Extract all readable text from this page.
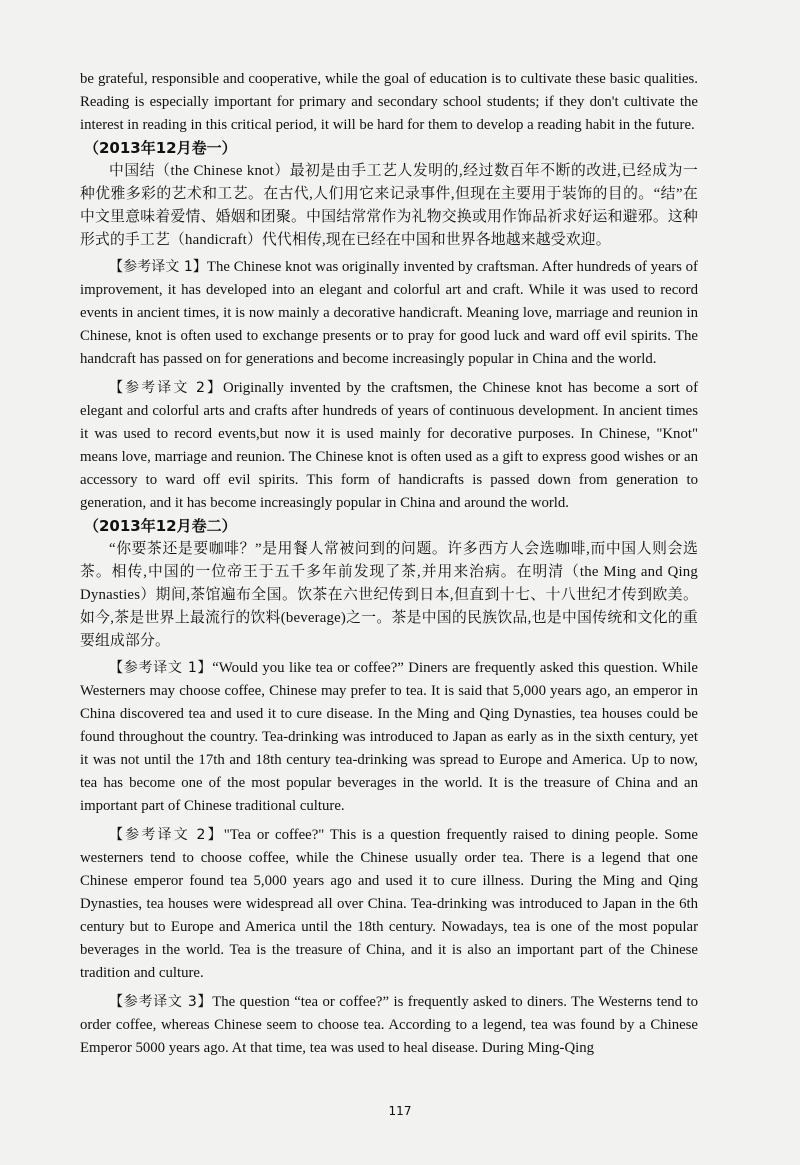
be grateful, responsible and cooperative, while the goal of education is to cultivate these basic qualities. Reading is especially important for primary and secondary school students; if they don't cultivate the interest in reading in this critical period, it will be hard for them to develop a reading habit in the future.

（2013年12月卷一）

中国结（the Chinese knot）最初是由手工艺人发明的,经过数百年不断的改进,已经成为一种优雅多彩的艺术和工艺。在古代,人们用它来记录事件,但现在主要用于装饰的目的。“结”在中文里意味着爱情、婚姻和团聚。中国结常常作为礼物交换或用作饰品祈求好运和避邪。这种形式的手工艺（handicraft）代代相传,现在已经在中国和世界各地越来越受欢迎。

【参考译文 1】The Chinese knot was originally invented by craftsman. After hundreds of years of improvement, it has developed into an elegant and colorful art and craft. While it was used to record events in ancient times, it is now mainly a decorative handicraft. Meaning love, marriage and reunion in Chinese, knot is often used to exchange presents or to pray for good luck and ward off evil spirits. The handcraft has passed on for generations and become increasingly popular in China and the world.

【参考译文 2】Originally invented by the craftsmen, the Chinese knot has become a sort of elegant and colorful arts and crafts after hundreds of years of continuous development. In ancient times it was used to record events,but now it is used mainly for decorative purposes. In Chinese, "Knot" means love, marriage and reunion. The Chinese knot is often used as a gift to express good wishes or an accessory to ward off evil spirits. This form of handicrafts is passed down from generation to generation, and it has become increasingly popular in China and around the world.

（2013年12月卷二）

“你要茶还是要咖啡？”是用餐人常被问到的问题。许多西方人会选咖啡,而中国人则会选茶。相传,中国的一位帝王于五千多年前发现了茶,并用来治病。在明清（the Ming and Qing Dynasties）期间,茶馆遍布全国。饮茶在六世纪传到日本,但直到十七、十八世纪才传到欧美。如今,茶是世界上最流行的饮料(beverage)之一。茶是中国的民族饮品,也是中国传统和文化的重要组成部分。

【参考译文 1】“Would you like tea or coffee?” Diners are frequently asked this question. While Westerners may choose coffee, Chinese may prefer to tea. It is said that 5,000 years ago, an emperor in China discovered tea and used it to cure disease. In the Ming and Qing Dynasties, tea houses could be found throughout the country. Tea-drinking was introduced to Japan as early as in the sixth century, yet it was not until the 17th and 18th century tea-drinking was spread to Europe and America. Up to now, tea has become one of the most popular beverages in the world. It is the treasure of China and an important part of Chinese traditional culture.

【参考译文 2】"Tea or coffee?" This is a question frequently raised to dining people. Some westerners tend to choose coffee, while the Chinese usually order tea. There is a legend that one Chinese emperor found tea 5,000 years ago and used it to cure illness. During the Ming and Qing Dynasties, tea houses were widespread all over China. Tea-drinking was introduced to Japan in the 6th century but to Europe and America until the 18th century. Nowadays, tea is one of the most popular beverages in the world. Tea is the treasure of China, and it is also an important part of the Chinese tradition and culture.

【参考译文 3】The question “tea or coffee?” is frequently asked to diners. The Westerns tend to order coffee, whereas Chinese seem to choose tea. According to a legend, tea was found by a Chinese Emperor 5000 years ago. At that time, tea was used to heal disease. During Ming-Qing

117
